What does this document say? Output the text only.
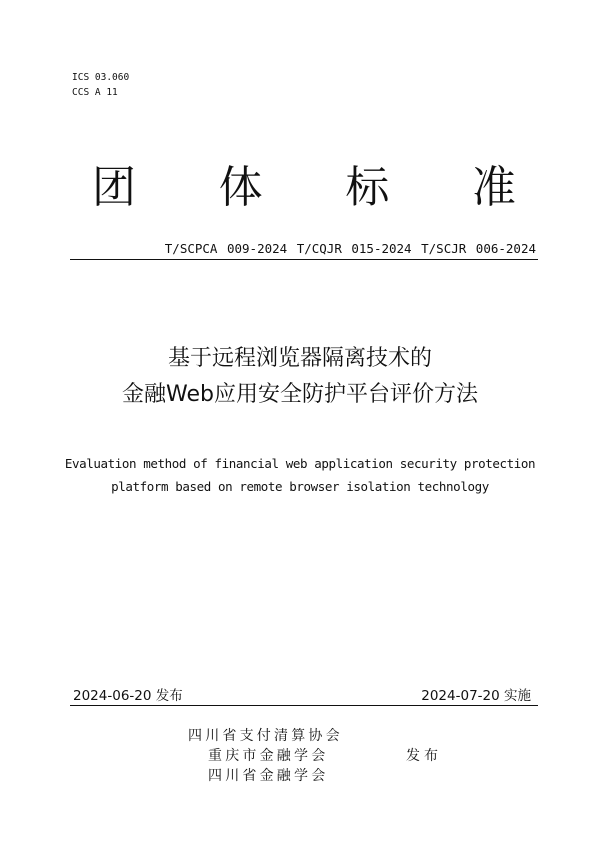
ICS 03.060
CCS A 11
团 体 标 准
T/SCPCA 009-2024 T/CQJR 015-2024 T/SCJR 006-2024
基于远程浏览器隔离技术的
金融Web应用安全防护平台评价方法
Evaluation method of financial web application security protection
platform based on remote browser isolation technology
2024-06-20 发布	2024-07-20 实施
四川省支付清算协会
重庆市金融学会
四川省金融学会
发布
